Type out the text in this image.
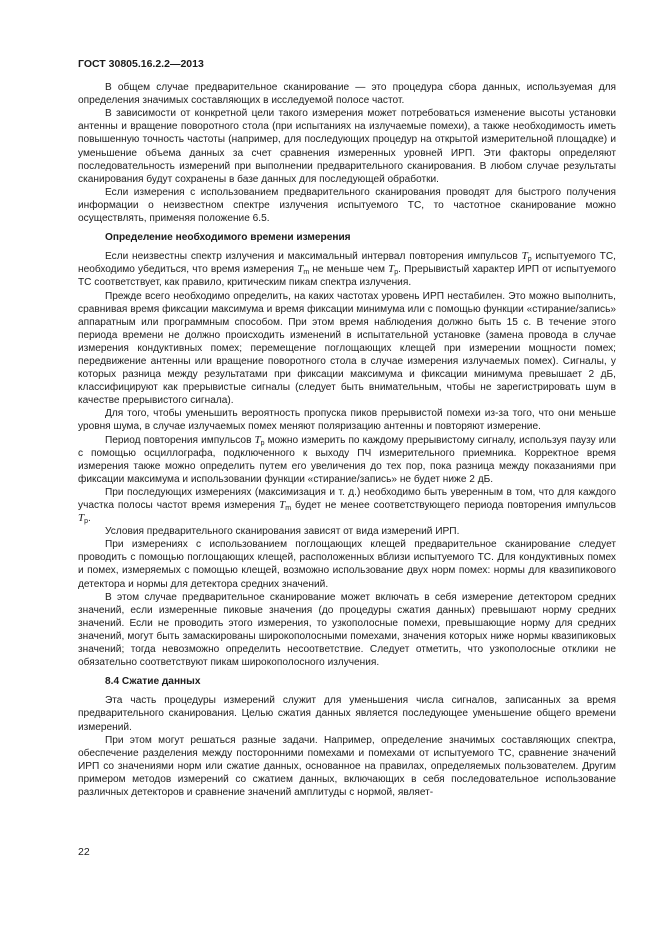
ГОСТ 30805.16.2.2—2013

В общем случае предварительное сканирование — это процедура сбора данных, используемая для определения значимых составляющих в исследуемой полосе частот.

В зависимости от конкретной цели такого измерения может потребоваться изменение высоты установки антенны и вращение поворотного стола (при испытаниях на излучаемые помехи), а также необходимость иметь повышенную точность частоты (например, для последующих процедур на открытой измерительной площадке) и уменьшение объема данных за счет сравнения измеренных уровней ИРП. Эти факторы определяют последовательность измерений при выполнении предварительного сканирования. В любом случае результаты сканирования будут сохранены в базе данных для последующей обработки.

Если измерения с использованием предварительного сканирования проводят для быстрого получения информации о неизвестном спектре излучения испытуемого ТС, то частотное сканирование можно осуществлять, применяя положение 6.5.

Определение необходимого времени измерения

Если неизвестны спектр излучения и максимальный интервал повторения импульсов $T_p$ испытуемого ТС, необходимо убедиться, что время измерения $T_m$ не меньше чем $T_p$. Прерывистый характер ИРП от испытуемого ТС соответствует, как правило, критическим пикам спектра излучения.

Прежде всего необходимо определить, на каких частотах уровень ИРП нестабилен. Это можно выполнить, сравнивая время фиксации максимума и время фиксации минимума или с помощью функции «стирание/запись» аппаратным или программным способом. При этом время наблюдения должно быть 15 с. В течение этого периода времени не должно происходить изменений в испытательной установке (замена провода в случае измерения кондуктивных помех; перемещение поглощающих клещей при измерении мощности помех; передвижение антенны или вращение поворотного стола в случае измерения излучаемых помех). Сигналы, у которых разница между результатами при фиксации максимума и фиксации минимума превышает 2 дБ, классифицируют как прерывистые сигналы (следует быть внимательным, чтобы не зарегистрировать шум в качестве прерывистого сигнала).

Для того, чтобы уменьшить вероятность пропуска пиков прерывистой помехи из-за того, что они меньше уровня шума, в случае излучаемых помех меняют поляризацию антенны и повторяют измерение.

Период повторения импульсов $T_p$ можно измерить по каждому прерывистому сигналу, используя паузу или с помощью осциллографа, подключенного к выходу ПЧ измерительного приемника. Корректное время измерения также можно определить путем его увеличения до тех пор, пока разница между показаниями при фиксации максимума и использовании функции «стирание/запись» не будет ниже 2 дБ.

При последующих измерениях (максимизация и т. д.) необходимо быть уверенным в том, что для каждого участка полосы частот время измерения $T_m$ будет не менее соответствующего периода повторения импульсов $T_p$.

Условия предварительного сканирования зависят от вида измерений ИРП.

При измерениях с использованием поглощающих клещей предварительное сканирование следует проводить с помощью поглощающих клещей, расположенных вблизи испытуемого ТС. Для кондуктивных помех и помех, измеряемых с помощью клещей, возможно использование двух норм помех: нормы для квазипикового детектора и нормы для детектора средних значений.

В этом случае предварительное сканирование может включать в себя измерение детектором средних значений, если измеренные пиковые значения (до процедуры сжатия данных) превышают норму средних значений. Если не проводить этого измерения, то узкополосные помехи, превышающие норму для средних значений, могут быть замаскированы широкополосными помехами, значения которых ниже нормы квазипиковых значений; тогда невозможно определить несоответствие. Следует отметить, что узкополосные отклики не обязательно соответствуют пикам широкополосного излучения.

8.4 Сжатие данных

Эта часть процедуры измерений служит для уменьшения числа сигналов, записанных за время предварительного сканирования. Целью сжатия данных является последующее уменьшение общего времени измерений.

При этом могут решаться разные задачи. Например, определение значимых составляющих спектра, обеспечение разделения между посторонними помехами и помехами от испытуемого ТС, сравнение значений ИРП со значениями норм или сжатие данных, основанное на правилах, определяемых пользователем. Другим примером методов измерений со сжатием данных, включающих в себя последовательное использование различных детекторов и сравнение значений амплитуды с нормой, являет-

22
